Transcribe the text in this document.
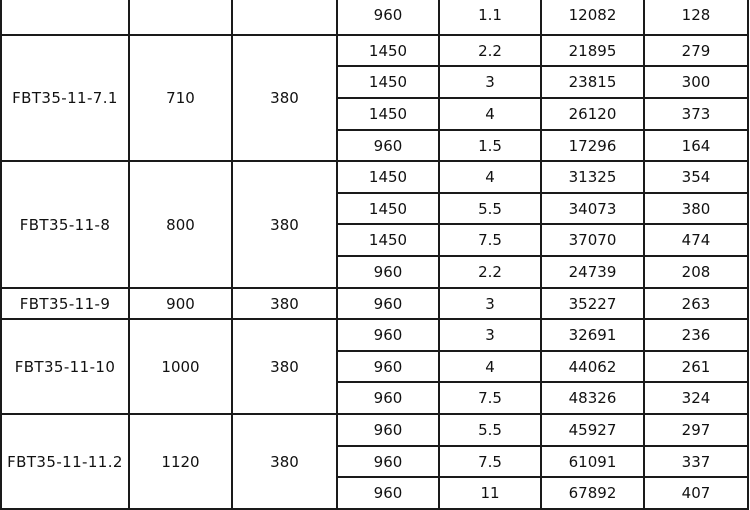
			960	1.1	12082	128
FBT35-11-7.1	710	380	1450	2.2	21895	279
			1450	3	23815	300
			1450	4	26120	373
			960	1.5	17296	164
FBT35-11-8	800	380	1450	4	31325	354
			1450	5.5	34073	380
			1450	7.5	37070	474
			960	2.2	24739	208
FBT35-11-9	900	380	960	3	35227	263
FBT35-11-10	1000	380	960	3	32691	236
			960	4	44062	261
			960	7.5	48326	324
FBT35-11-11.2	1120	380	960	5.5	45927	297
			960	7.5	61091	337
			960	11	67892	407
